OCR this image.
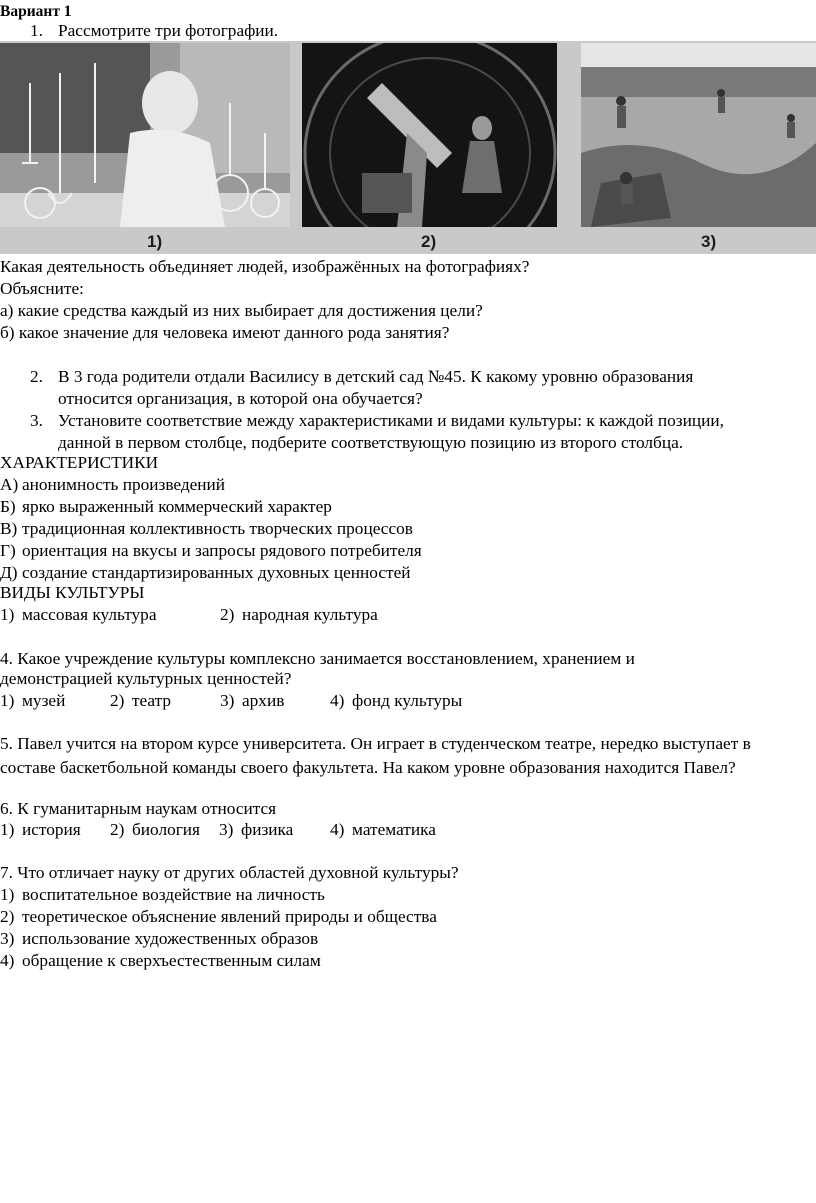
Вариант 1
1. Рассмотрите три фотографии.
1)	2)	3)
Какая деятельность объединяет людей, изображённых на фотографиях?
Объясните:
а) какие средства каждый из них выбирает для достижения цели?
б) какое значение для человека имеют данного рода занятия?
2. В 3 года родители отдали Василису в детский сад №45. К какому уровню образования
относится организация, в которой она обучается?
3. Установите соответствие между характеристиками и видами культуры: к каждой позиции,
данной в первом столбце, подберите соответствующую позицию из второго столбца.
ХАРАКТЕРИСТИКИ
А) анонимность произведений
Б) ярко выраженный коммерческий характер
В) традиционная коллективность творческих процессов
Г) ориентация на вкусы и запросы рядового потребителя
Д) создание стандартизированных духовных ценностей
ВИДЫ КУЛЬТУРЫ
1) массовая культура	2) народная культура
4. Какое учреждение культуры комплексно занимается восстановлением, хранением и
демонстрацией культурных ценностей?
1) музей	2) театр	3) архив	4) фонд культуры
5. Павел учится на втором курсе университета. Он играет в студенческом театре, нередко выступает в
составе баскетбольной команды своего факультета. На каком уровне образования находится Павел?
6. К гуманитарным наукам относится
1) история 2) биология 3) физика 4) математика
7. Что отличает науку от других областей духовной культуры?
1) воспитательное воздействие на личность
2) теоретическое объяснение явлений природы и общества
3) использование художественных образов
4) обращение к сверхъестественным силам
